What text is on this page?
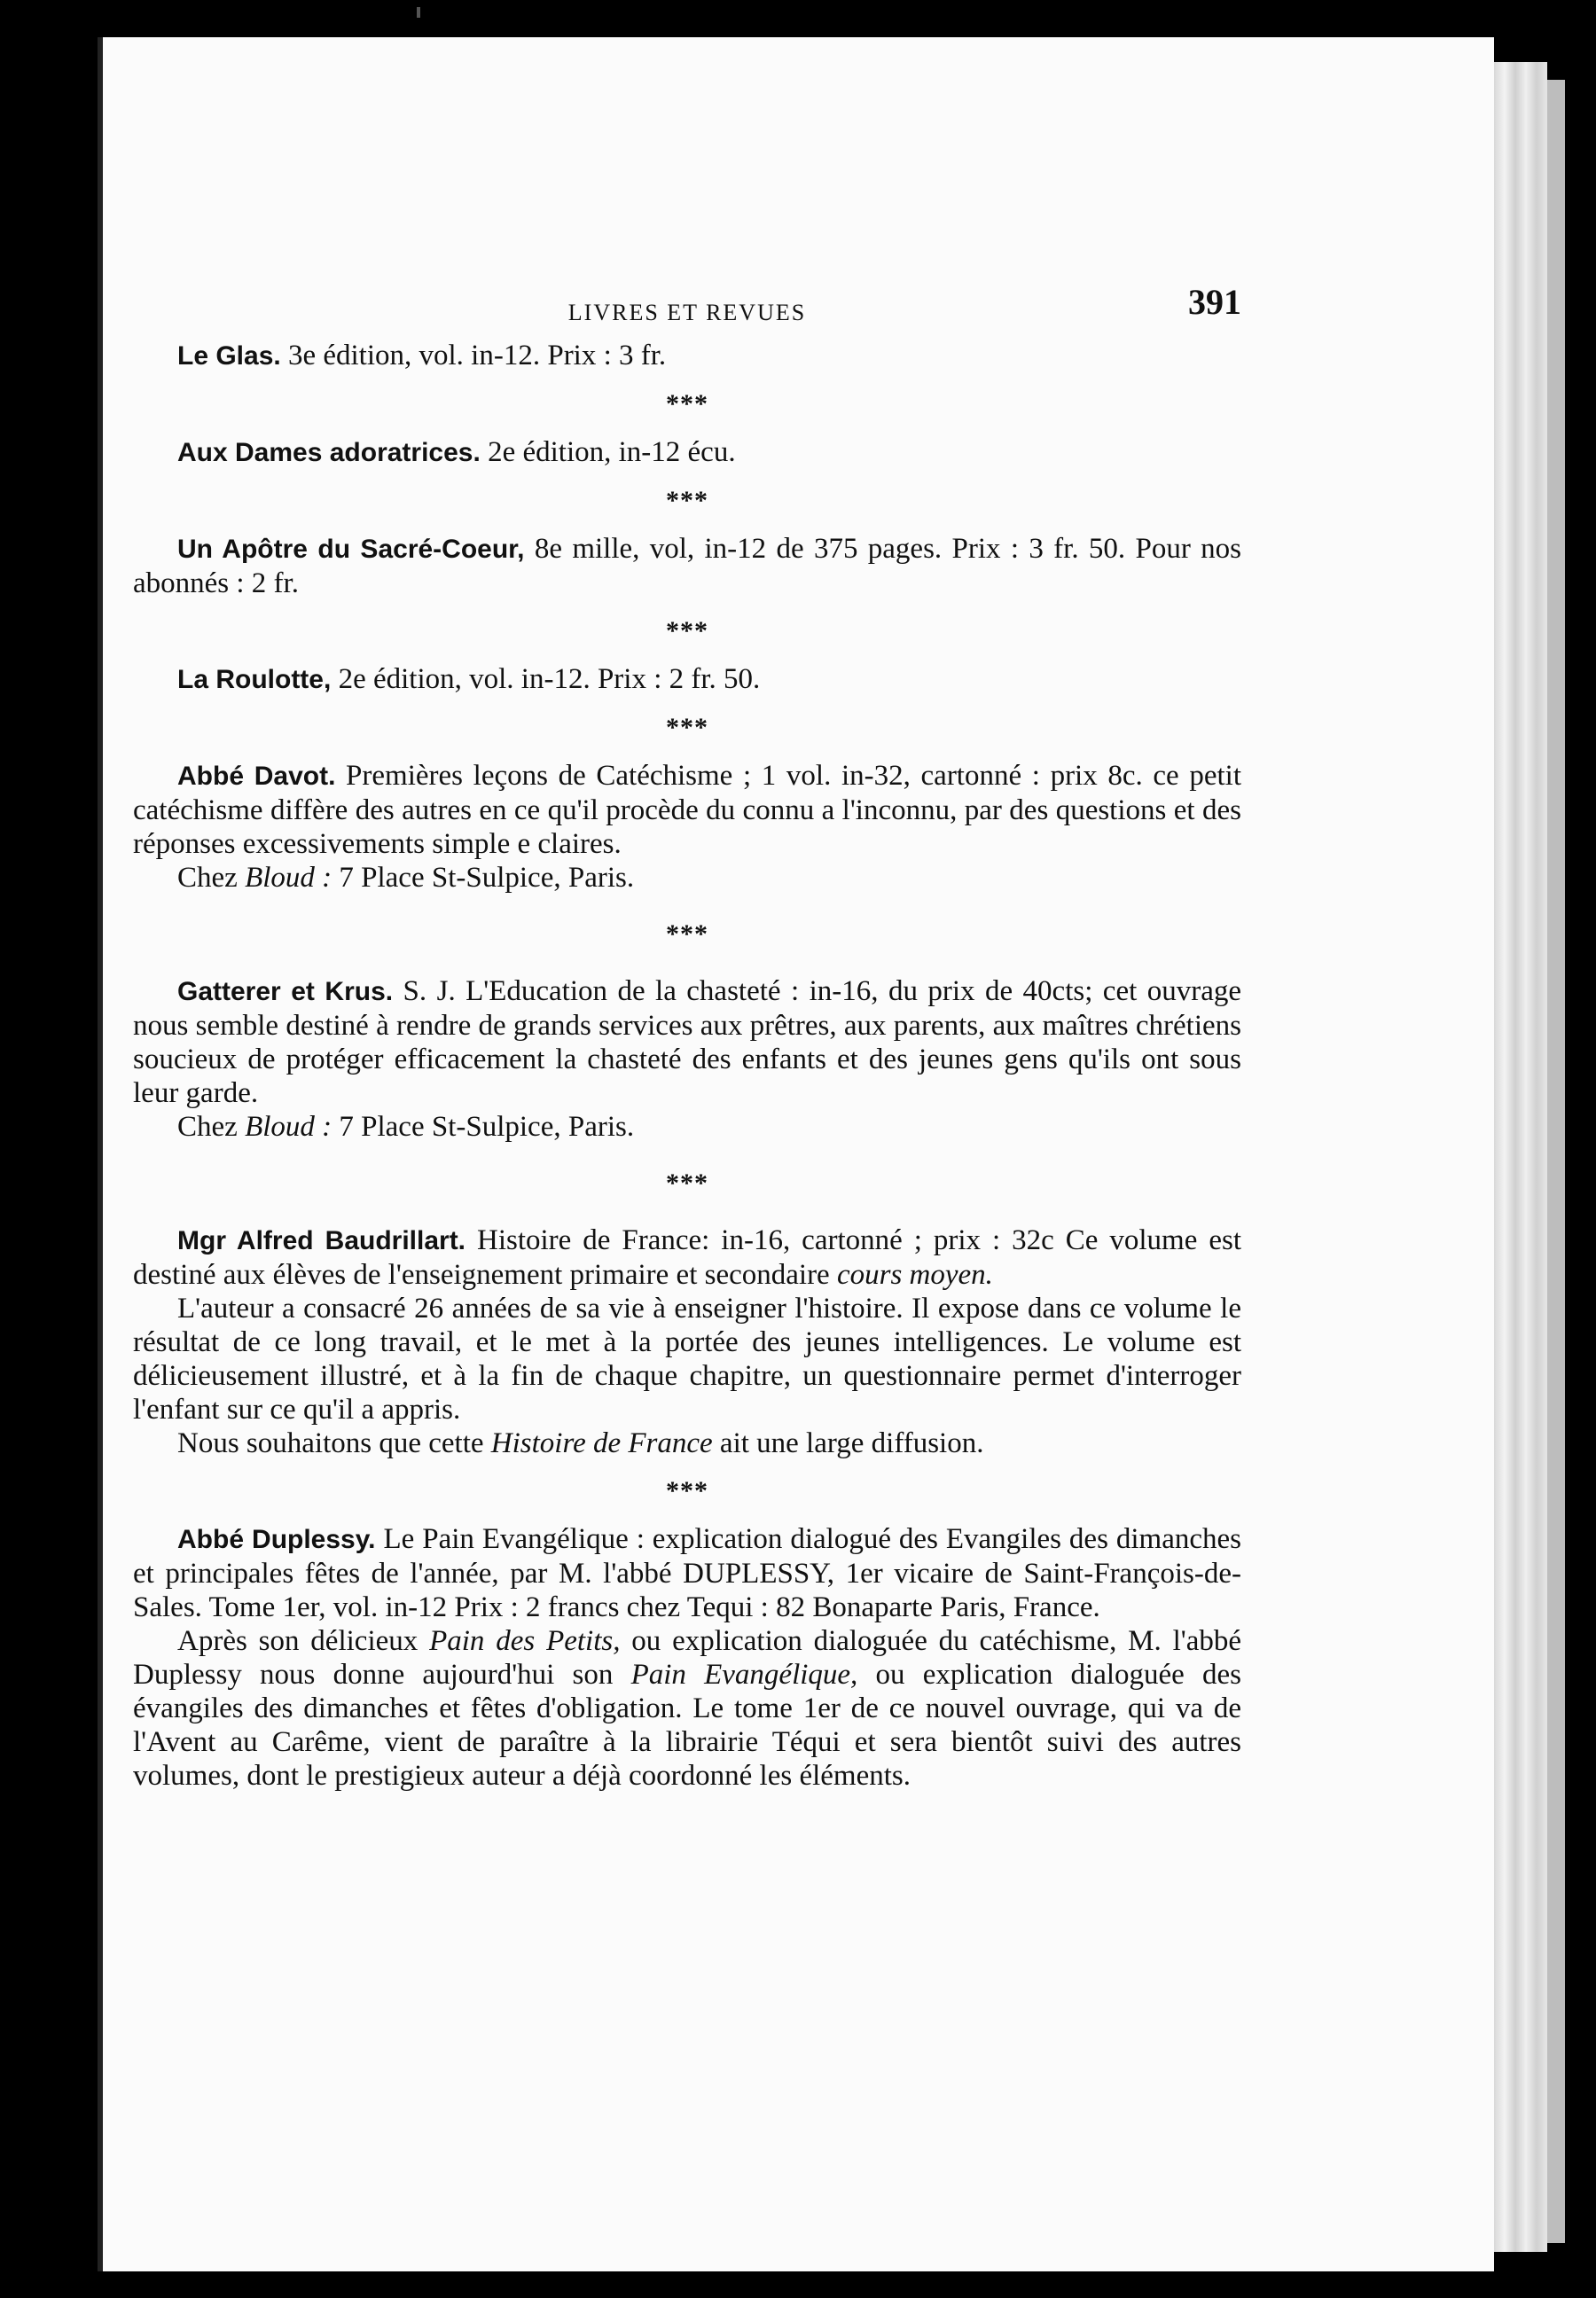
LIVRES ET REVUES	391

Le Glas. 3e édition, vol. in-12. Prix : 3 fr.

***

Aux Dames adoratrices. 2e édition, in-12 écu.

***

Un Apôtre du Sacré-Coeur, 8e mille, vol, in-12 de 375 pages. Prix : 3 fr. 50. Pour nos abonnés : 2 fr.

***

La Roulotte, 2e édition, vol. in-12. Prix : 2 fr. 50.

***

Abbé Davot. Premières leçons de Catéchisme ; 1 vol. in-32, cartonné : prix 8c. ce petit catéchisme diffère des autres en ce qu'il procède du connu a l'inconnu, par des questions et des réponses excessivements simple e claires.

Chez Bloud : 7 Place St-Sulpice, Paris.

***

Gatterer et Krus. S. J. L'Education de la chasteté : in-16, du prix de 40cts; cet ouvrage nous semble destiné à rendre de grands services aux prêtres, aux parents, aux maîtres chrétiens soucieux de protéger efficacement la chasteté des enfants et des jeunes gens qu'ils ont sous leur garde.

Chez Bloud : 7 Place St-Sulpice, Paris.

***

Mgr Alfred Baudrillart. Histoire de France: in-16, cartonné ; prix : 32c Ce volume est destiné aux élèves de l'enseignement primaire et secondaire cours moyen.

L'auteur a consacré 26 années de sa vie à enseigner l'histoire. Il expose dans ce volume le résultat de ce long travail, et le met à la portée des jeunes intelligences. Le volume est délicieusement illustré, et à la fin de chaque chapitre, un questionnaire permet d'interroger l'enfant sur ce qu'il a appris.

Nous souhaitons que cette Histoire de France ait une large diffusion.

***

Abbé Duplessy. Le Pain Evangélique : explication dialogué des Evangiles des dimanches et principales fêtes de l'année, par M. l'abbé DUPLESSY, 1er vicaire de Saint-François-de-Sales. Tome 1er, vol. in-12 Prix : 2 francs chez Tequi : 82 Bonaparte Paris, France.

Après son délicieux Pain des Petits, ou explication dialoguée du catéchisme, M. l'abbé Duplessy nous donne aujourd'hui son Pain Evangélique, ou explication dialoguée des évangiles des dimanches et fêtes d'obligation. Le tome 1er de ce nouvel ouvrage, qui va de l'Avent au Carême, vient de paraître à la librairie Téqui et sera bientôt suivi des autres volumes, dont le prestigieux auteur a déjà coordonné les éléments.
